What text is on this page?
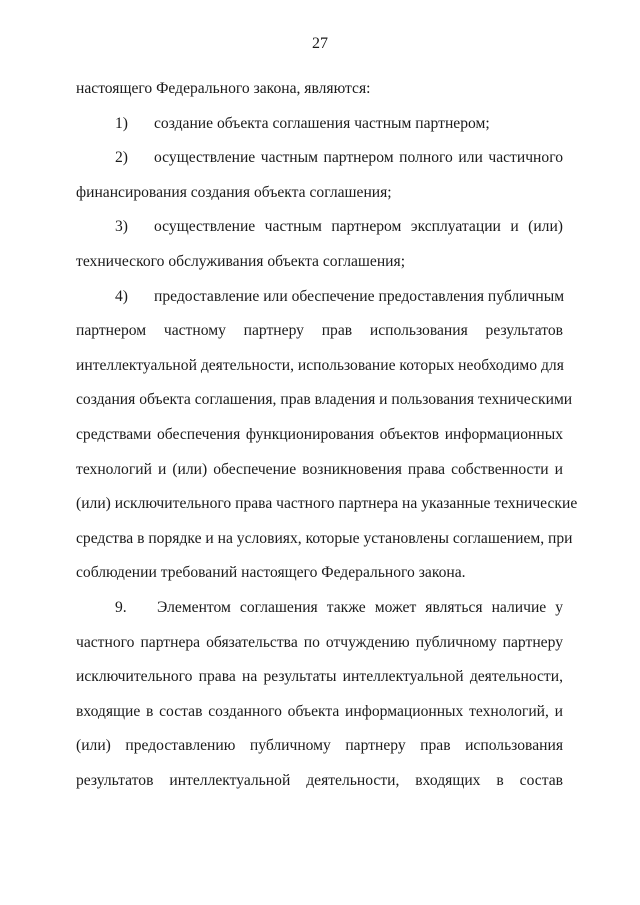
27
настоящего Федерального закона, являются:
1)	создание объекта соглашения частным партнером;
2)	осуществление частным партнером полного или частичного
финансирования создания объекта соглашения;
3)	осуществление частным партнером эксплуатации и (или)
технического обслуживания объекта соглашения;
4)	предоставление или обеспечение предоставления публичным
партнером частному партнеру прав использования результатов
интеллектуальной деятельности, использование которых необходимо для
создания объекта соглашения, прав владения и пользования техническими
средствами обеспечения функционирования объектов информационных
технологий и (или) обеспечение возникновения права собственности и
(или) исключительного права частного партнера на указанные технические
средства в порядке и на условиях, которые установлены соглашением, при
соблюдении требований настоящего Федерального закона.
9.	Элементом соглашения также может являться наличие у
частного партнера обязательства по отчуждению публичному партнеру
исключительного права на результаты интеллектуальной деятельности,
входящие в состав созданного объекта информационных технологий, и
(или) предоставлению публичному партнеру прав использования
результатов интеллектуальной деятельности, входящих в состав
